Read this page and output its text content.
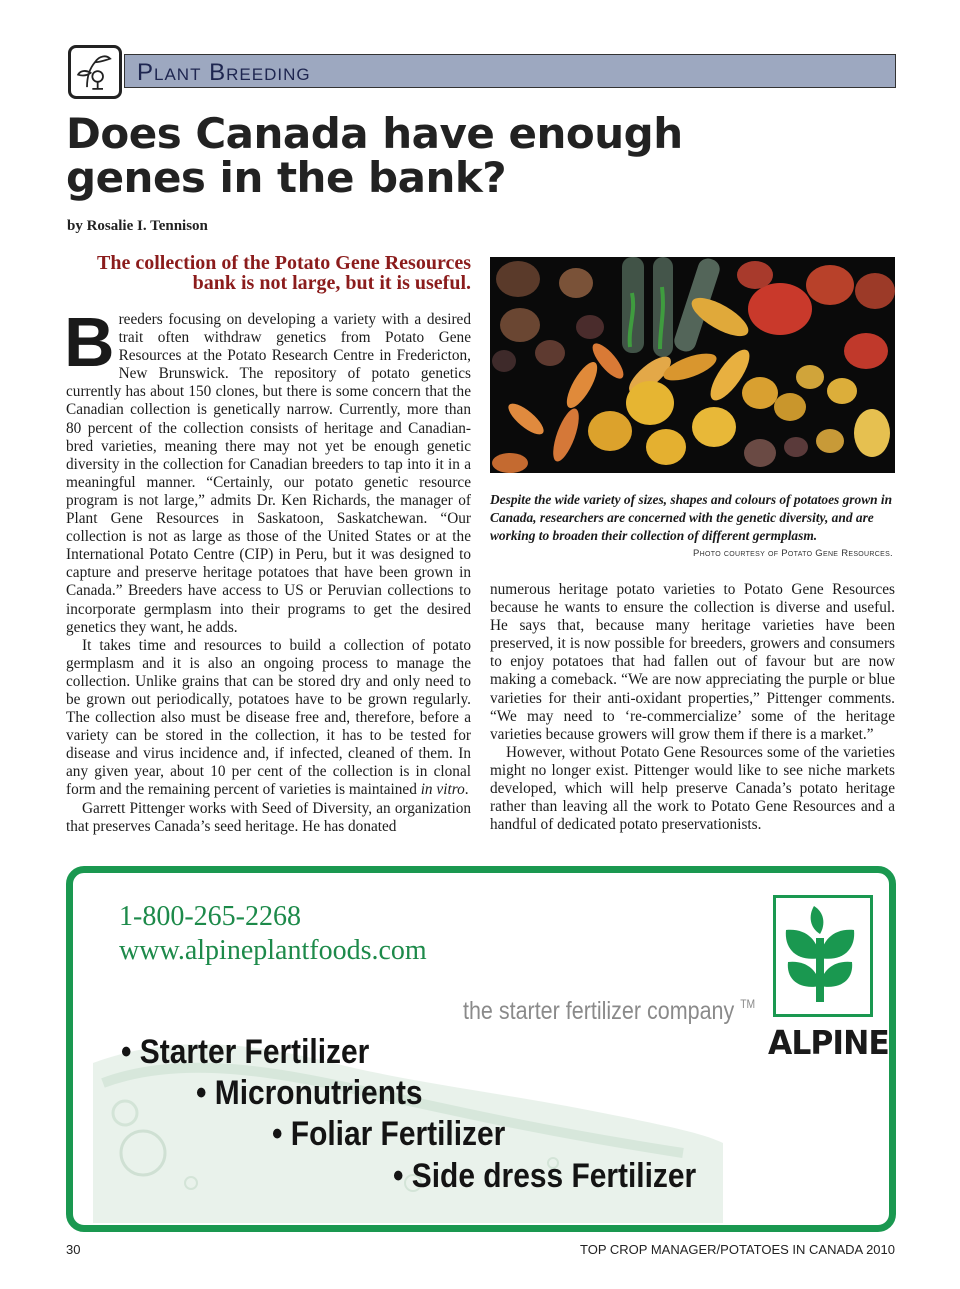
Plant Breeding
Does Canada have enough genes in the bank?
by Rosalie I. Tennison
The collection of the Potato Gene Resources bank is not large, but it is useful.

Breeders focusing on developing a variety with a desired trait often withdraw genetics from Potato Gene Resources at the Potato Research Centre in Fredericton, New Brunswick. The repository of potato genetics currently has about 150 clones, but there is some concern that the Canadian collection is genetically narrow. Currently, more than 80 percent of the collection consists of heritage and Canadian-bred varieties, meaning there may not yet be enough genetic diversity in the collection for Canadian breeders to tap into it in a meaningful manner. “Certainly, our potato genetic resource program is not large,” admits Dr. Ken Richards, the manager of Plant Gene Resources in Saskatoon, Saskatchewan. “Our collection is not as large as those of the United States or at the International Potato Centre (CIP) in Peru, but it was designed to capture and preserve heritage potatoes that have been grown in Canada.” Breeders have access to US or Peruvian collections to incorporate germplasm into their programs to get the desired genetics they want, he adds.

It takes time and resources to build a collection of potato germplasm and it is also an ongoing process to manage the collection. Unlike grains that can be stored dry and only need to be grown out periodically, potatoes have to be grown regularly. The collection also must be disease free and, therefore, before a variety can be stored in the collection, it has to be tested for disease and virus incidence and, if infected, cleaned of them. In any given year, about 10 per cent of the collection is in clonal form and the remaining percent of varieties is maintained in vitro.

Garrett Pittenger works with Seed of Diversity, an organization that preserves Canada’s seed heritage. He has donated

Despite the wide variety of sizes, shapes and colours of potatoes grown in Canada, researchers are concerned with the genetic diversity, and are working to broaden their collection of different germplasm.
Photo courtesy of Potato Gene Resources.

numerous heritage potato varieties to Potato Gene Resources because he wants to ensure the collection is diverse and useful. He says that, because many heritage varieties have been preserved, it is now possible for breeders, growers and consumers to enjoy potatoes that had fallen out of favour but are now making a comeback. “We are now appreciating the purple or blue varieties for their anti-oxidant properties,” Pittenger comments. “We may need to ‘re-commercialize’ some of the heritage varieties because growers will grow them if there is a market.”

However, without Potato Gene Resources some of the varieties might no longer exist. Pittenger would like to see niche markets developed, which will help preserve Canada’s potato heritage rather than leaving all the work to Potato Gene Resources and a handful of dedicated potato preservationists.

1-800-265-2268
www.alpineplantfoods.com
the starter fertilizer company ™
• Starter Fertilizer
• Micronutrients
• Foliar Fertilizer
• Side dress Fertilizer
ALPINE
30	TOP CROP MANAGER/POTATOES IN CANADA 2010
